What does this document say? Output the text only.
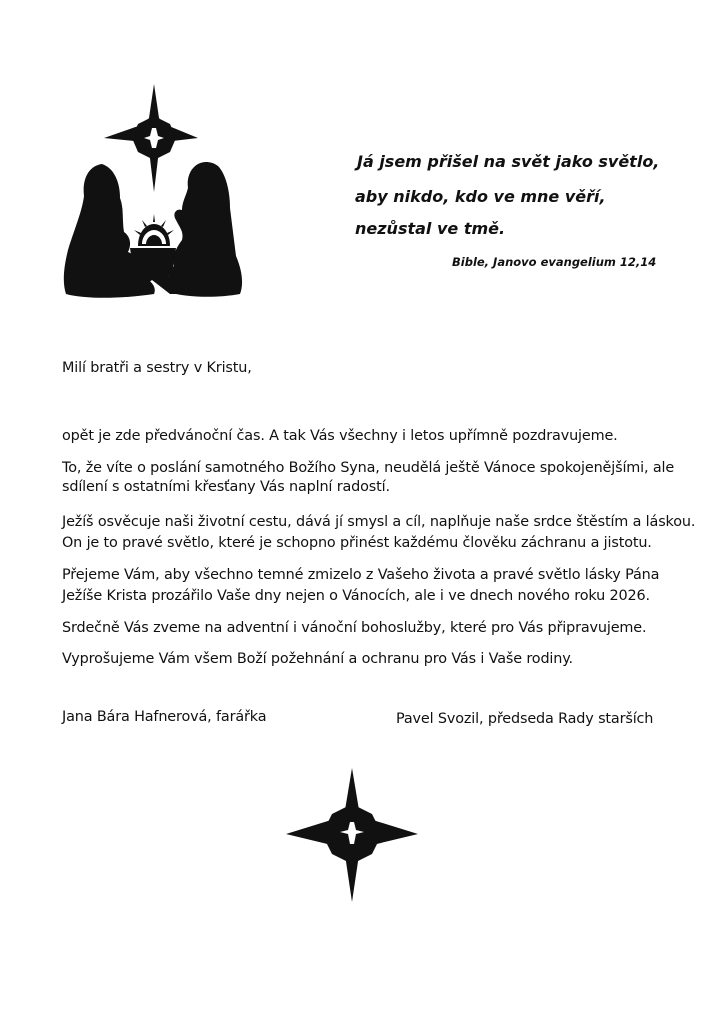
Já jsem přišel na svět jako světlo,
aby nikdo, kdo ve mne věří,
nezůstal ve tmě.
Bible, Janovo evangelium 12,14
Milí bratři a sestry v Kristu,
opět je zde předvánoční čas. A tak Vás všechny i letos upřímně pozdravujeme.
To, že víte o poslání samotného Božího Syna, neudělá ještě Vánoce spokojenějšími, ale
sdílení s ostatními křesťany Vás naplní radostí.
Ježíš osvěcuje naši životní cestu, dává jí smysl a cíl, naplňuje naše srdce štěstím a láskou.
On je to pravé světlo, které je schopno přinést každému člověku záchranu a jistotu.
Přejeme Vám, aby všechno temné zmizelo z Vašeho života a pravé světlo lásky Pána
Ježíše Krista prozářilo Vaše dny nejen o Vánocích, ale i ve dnech nového roku 2026.
Srdečně Vás zveme na adventní i vánoční bohoslužby, které pro Vás připravujeme.
Vyprošujeme Vám všem Boží požehnání a ochranu pro Vás i Vaše rodiny.
Jana Bára Hafnerová, farářka	Pavel Svozil, předseda Rady starších
